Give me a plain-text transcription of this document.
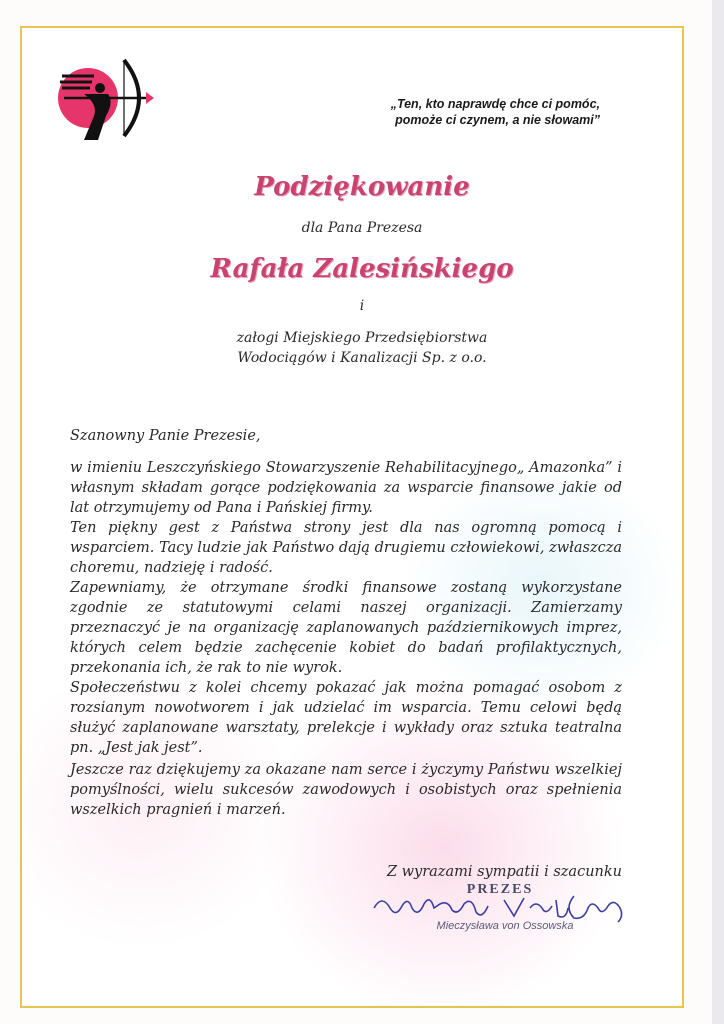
„Ten, kto naprawdę chce ci pomóc,
pomoże ci czynem, a nie słowami”
Podziękowanie
dla Pana Prezesa
Rafała Zalesińskiego
i
załogi Miejskiego Przedsiębiorstwa
Wodociągów i Kanalizacji Sp. z o.o.

Szanowny Panie Prezesie,

w imieniu Leszczyńskiego Stowarzyszenie Rehabilitacyjnego„ Amazonka” i własnym składam gorące podziękowania za wsparcie finansowe jakie od lat otrzymujemy od Pana i Pańskiej firmy.

Ten piękny gest z Państwa strony jest dla nas ogromną pomocą i wsparciem. Tacy ludzie jak Państwo dają drugiemu człowiekowi, zwłaszcza choremu, nadzieję i radość.

Zapewniamy, że otrzymane środki finansowe zostaną wykorzystane zgodnie ze statutowymi celami naszej organizacji. Zamierzamy przeznaczyć je na organizację zaplanowanych październikowych imprez, których celem będzie zachęcenie kobiet do badań profilaktycznych, przekonania ich, że rak to nie wyrok.

Społeczeństwu z kolei chcemy pokazać jak można pomagać osobom z rozsianym nowotworem i jak udzielać im wsparcia. Temu celowi będą służyć zaplanowane warsztaty, prelekcje i wykłady oraz sztuka teatralna pn. „Jest jak jest”.

Jeszcze raz dziękujemy za okazane nam serce i życzymy Państwu wszelkiej pomyślności, wielu sukcesów zawodowych i osobistych oraz spełnienia wszelkich pragnień i marzeń.

Z wyrazami sympatii i szacunku
PREZES
Mieczysława von Ossowska
